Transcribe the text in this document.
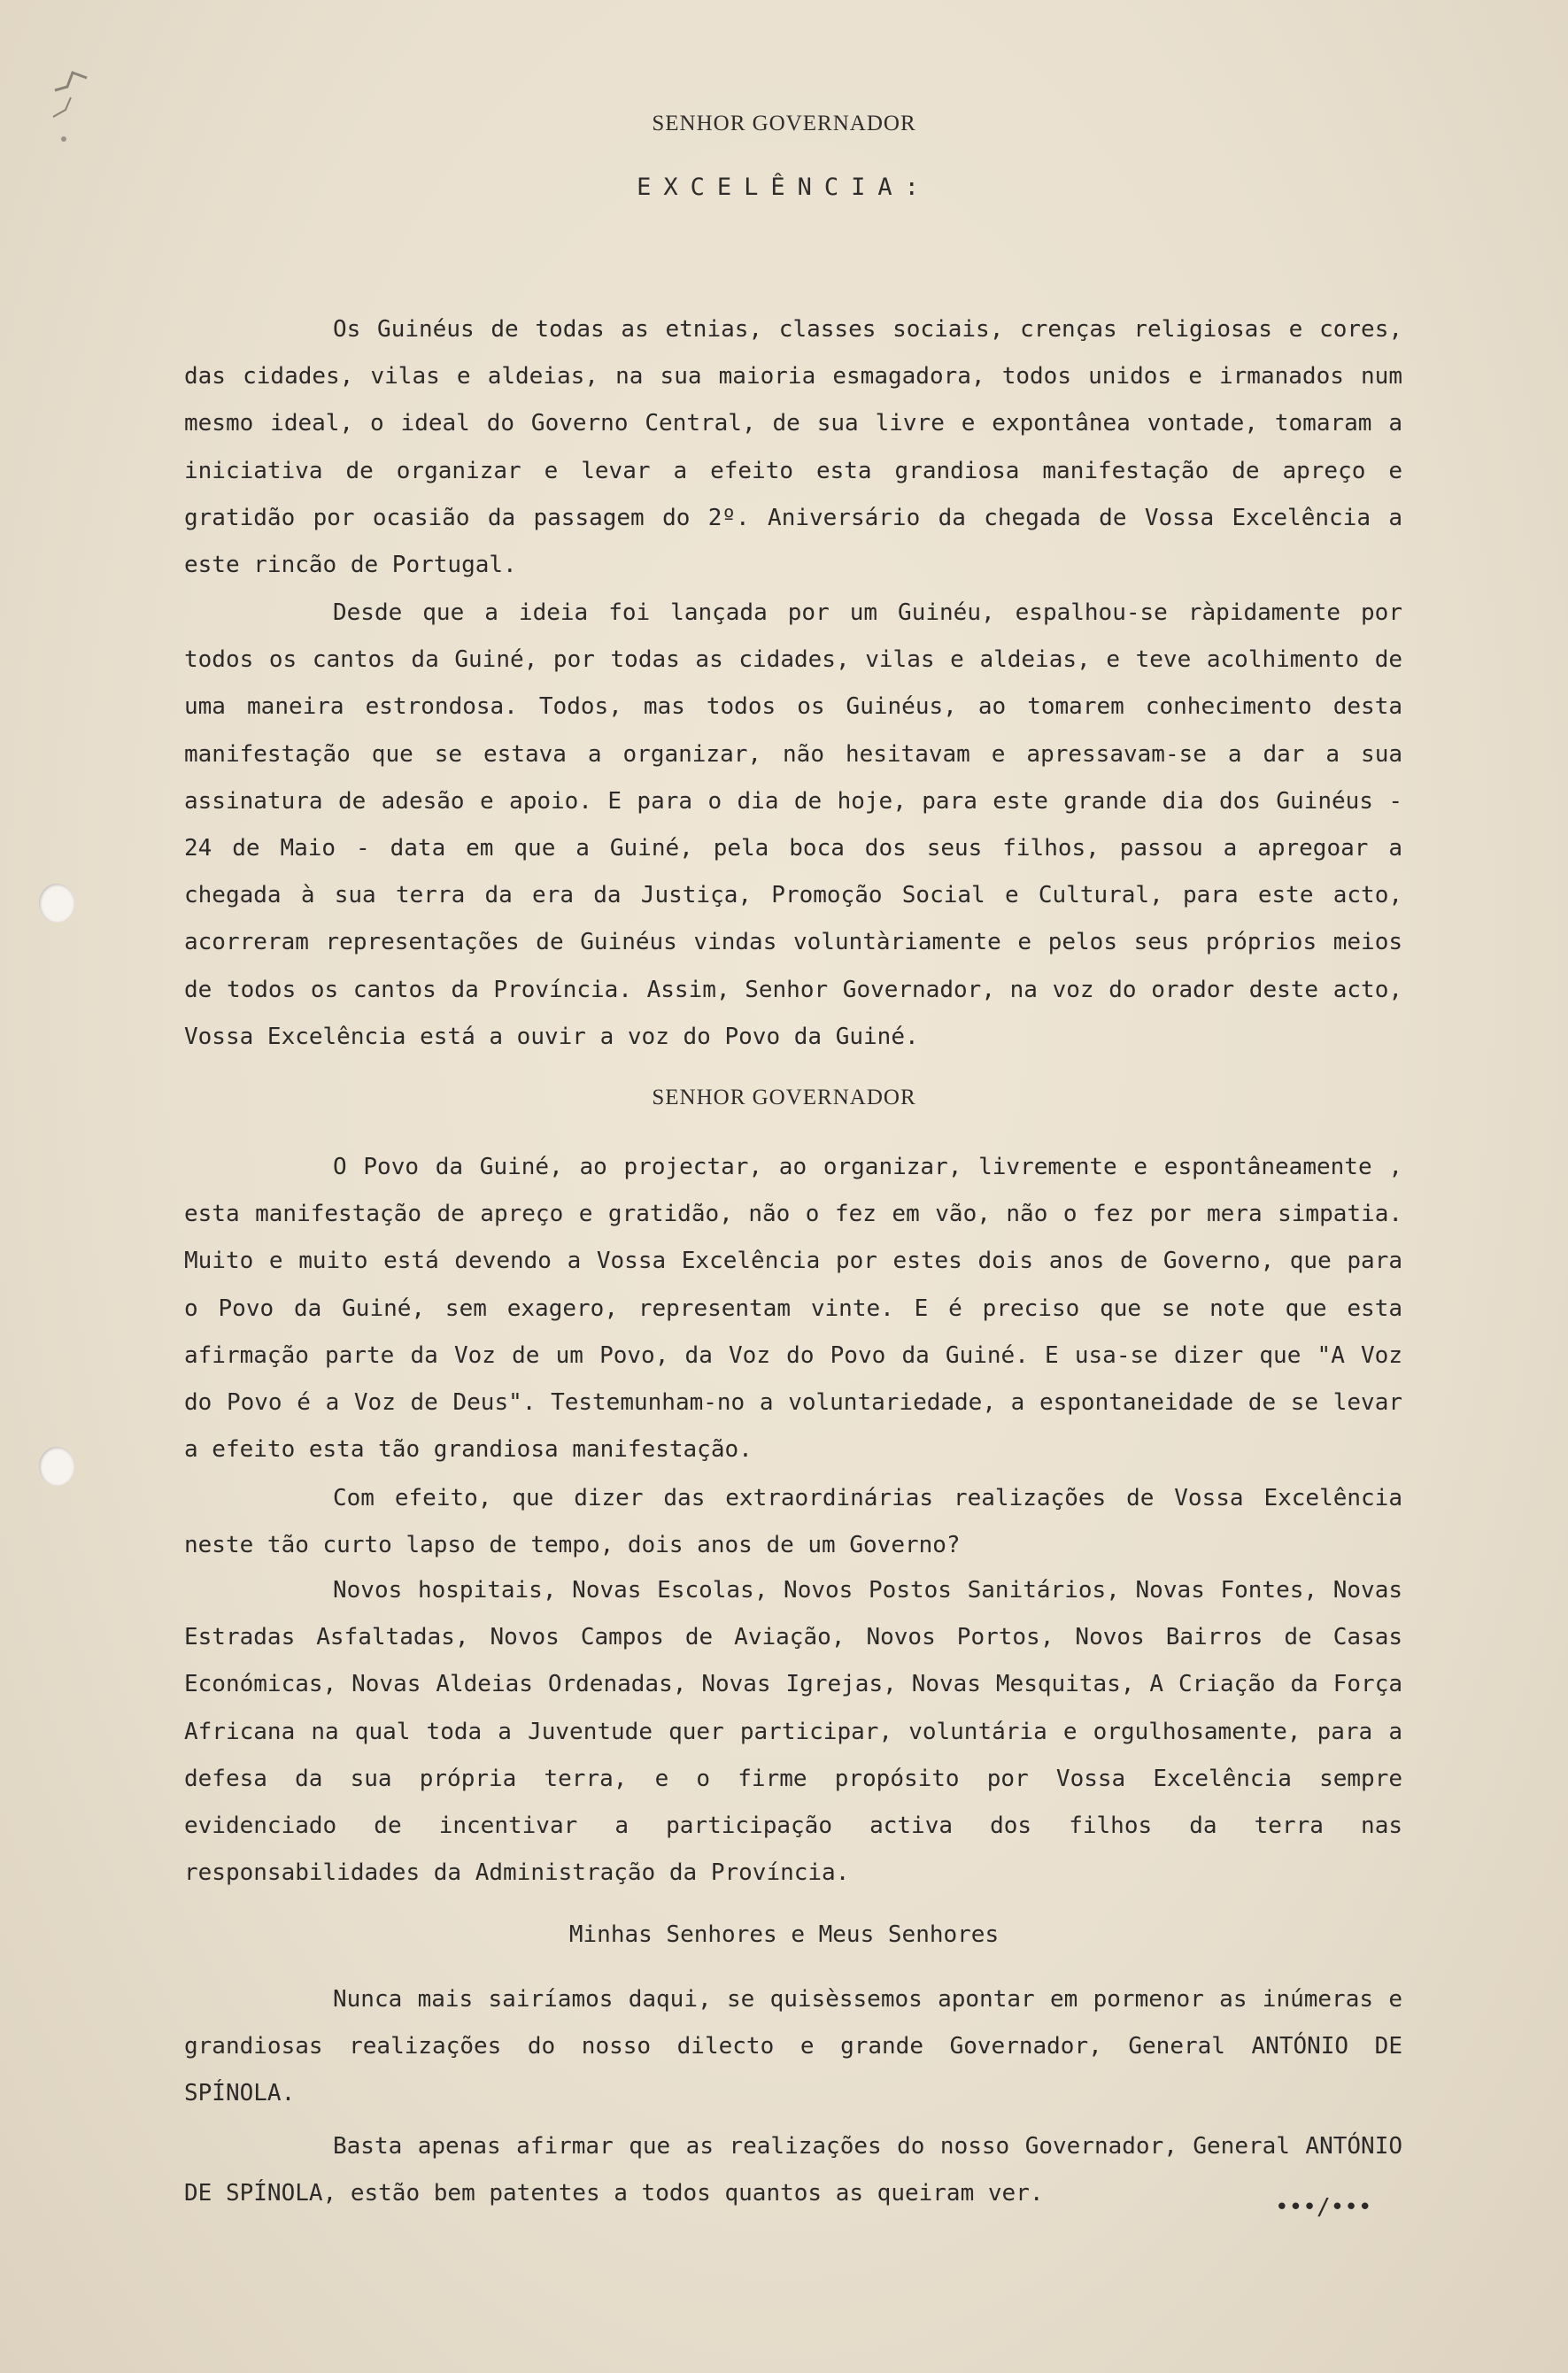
SENHOR GOVERNADOR
EXCELÊNCIA:

Os Guinéus de todas as etnias, classes sociais, crenças religiosas e cores, das cidades, vilas e aldeias, na sua maioria esmagadora, todos unidos e irmanados num mesmo ideal, o ideal do Governo Central, de sua livre e expontânea vontade, tomaram a iniciativa de organizar e levar a efeito esta grandiosa manifestação de apreço e gratidão por ocasião da passagem do 2º. Aniversário da chegada de Vossa Excelência a este rincão de Portugal.

Desde que a ideia foi lançada por um Guinéu, espalhou-se ràpidamente por todos os cantos da Guiné, por todas as cidades, vilas e aldeias, e teve acolhimento de uma maneira estrondosa. Todos, mas todos os Guinéus, ao tomarem conhecimento desta manifestação que se estava a organizar, não hesitavam e apressavam-se a dar a sua assinatura de adesão e apoio. E para o dia de hoje, para este grande dia dos Guinéus - 24 de Maio - data em que a Guiné, pela boca dos seus filhos, passou a apregoar a chegada à sua terra da era da Justiça, Promoção Social e Cultural, para este acto, acorreram representações de Guinéus vindas voluntàriamente e pelos seus próprios meios de todos os cantos da Província. Assim, Senhor Governador, na voz do orador deste acto, Vossa Excelência está a ouvir a voz do Povo da Guiné.

SENHOR GOVERNADOR

O Povo da Guiné, ao projectar, ao organizar, livremente e espontâneamente , esta manifestação de apreço e gratidão, não o fez em vão, não o fez por mera simpatia. Muito e muito está devendo a Vossa Excelência por estes dois anos de Governo, que para o Povo da Guiné, sem exagero, representam vinte. E é preciso que se note que esta afirmação parte da Voz de um Povo, da Voz do Povo da Guiné. E usa-se dizer que "A Voz do Povo é a Voz de Deus". Testemunham-no a voluntariedade, a espontaneidade de se levar a efeito esta tão grandiosa manifestação.

Com efeito, que dizer das extraordinárias realizações de Vossa Excelência neste tão curto lapso de tempo, dois anos de um Governo?

Novos hospitais, Novas Escolas, Novos Postos Sanitários, Novas Fontes, Novas Estradas Asfaltadas, Novos Campos de Aviação, Novos Portos, Novos Bairros de Casas Económicas, Novas Aldeias Ordenadas, Novas Igrejas, Novas Mesquitas, A Criação da Força Africana na qual toda a Juventude quer participar, voluntária e orgulhosamente, para a defesa da sua própria terra, e o firme propósito por Vossa Excelência sempre evidenciado de incentivar a participação activa dos filhos da terra nas responsabilidades da Administração da Província.

Minhas Senhores e Meus Senhores

Nunca mais sairíamos daqui, se quisèssemos apontar em pormenor as inúmeras e grandiosas realizações do nosso dilecto e grande Governador, General ANTÓNIO DE SPÍNOLA.

Basta apenas afirmar que as realizações do nosso Governador, General ANTÓNIO DE SPÍNOLA, estão bem patentes a todos quantos as queiram ver.

•••/•••
